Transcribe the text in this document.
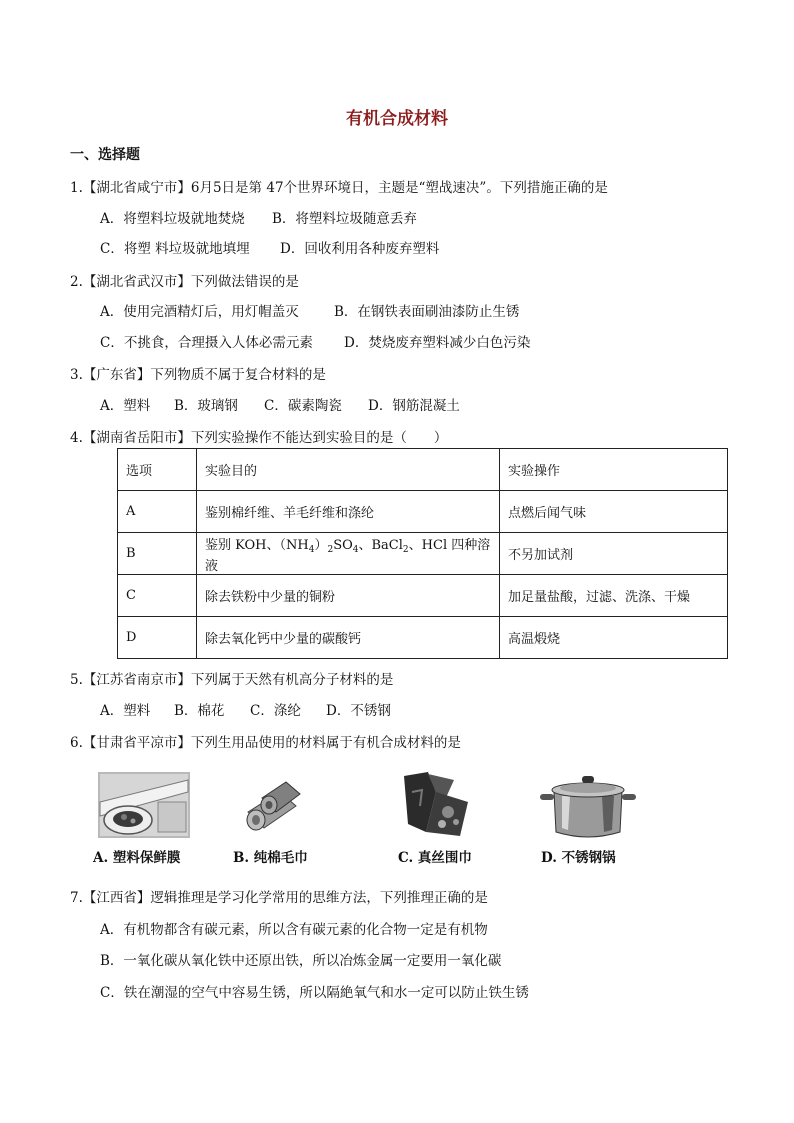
有机合成材料
一、选择题
1.【湖北省咸宁市】6月5日是第 47个世界环境日，主题是“塑战速决”。下列措施正确的是
A．将塑料垃圾就地焚烧 B．将塑料垃圾随意丢弃
C．将塑 料垃圾就地填埋 D．回收利用各种废弃塑料
2.【湖北省武汉市】下列做法错误的是
A．使用完酒精灯后，用灯帽盖灭	B．在钢铁表面刷油漆防止生锈
C．不挑食，合理摄入人体必需元素 D．焚烧废弃塑料减少白色污染
3.【广东省】下列物质不属于复合材料的是
A．塑料 B．玻璃钢 C．碳素陶瓷 D．钢筋混凝土
4.【湖南省岳阳市】下列实验操作不能达到实验目的是（　　）
选项	实验目的	实验操作
A	鉴别棉纤维、羊毛纤维和涤纶	点燃后闻气味
B	鉴别 KOH、$(NH_4)_2SO_4$、BaCl$_2$、HCl 四种溶液	不另加试剂
C	除去铁粉中少量的铜粉	加足量盐酸，过滤、洗涤、干燥
D	除去氧化钙中少量的碳酸钙	高温煅烧
5.【江苏省南京市】下列属于天然有机高分子材料的是
A．塑料 B．棉花 C．涤纶 D．不锈钢
6.【甘肃省平凉市】下列生用品使用的材料属于有机合成材料的是
A. 塑料保鲜膜	B. 纯棉毛巾	C. 真丝围巾	D. 不锈钢锅
7.【江西省】逻辑推理是学习化学常用的思维方法，下列推理正确的是
A．有机物都含有碳元素，所以含有碳元素的化合物一定是有机物
B．一氧化碳从氧化铁中还原出铁，所以冶炼金属一定要用一氧化碳
C．铁在潮湿的空气中容易生锈，所以隔絶氧气和水一定可以防止铁生锈
